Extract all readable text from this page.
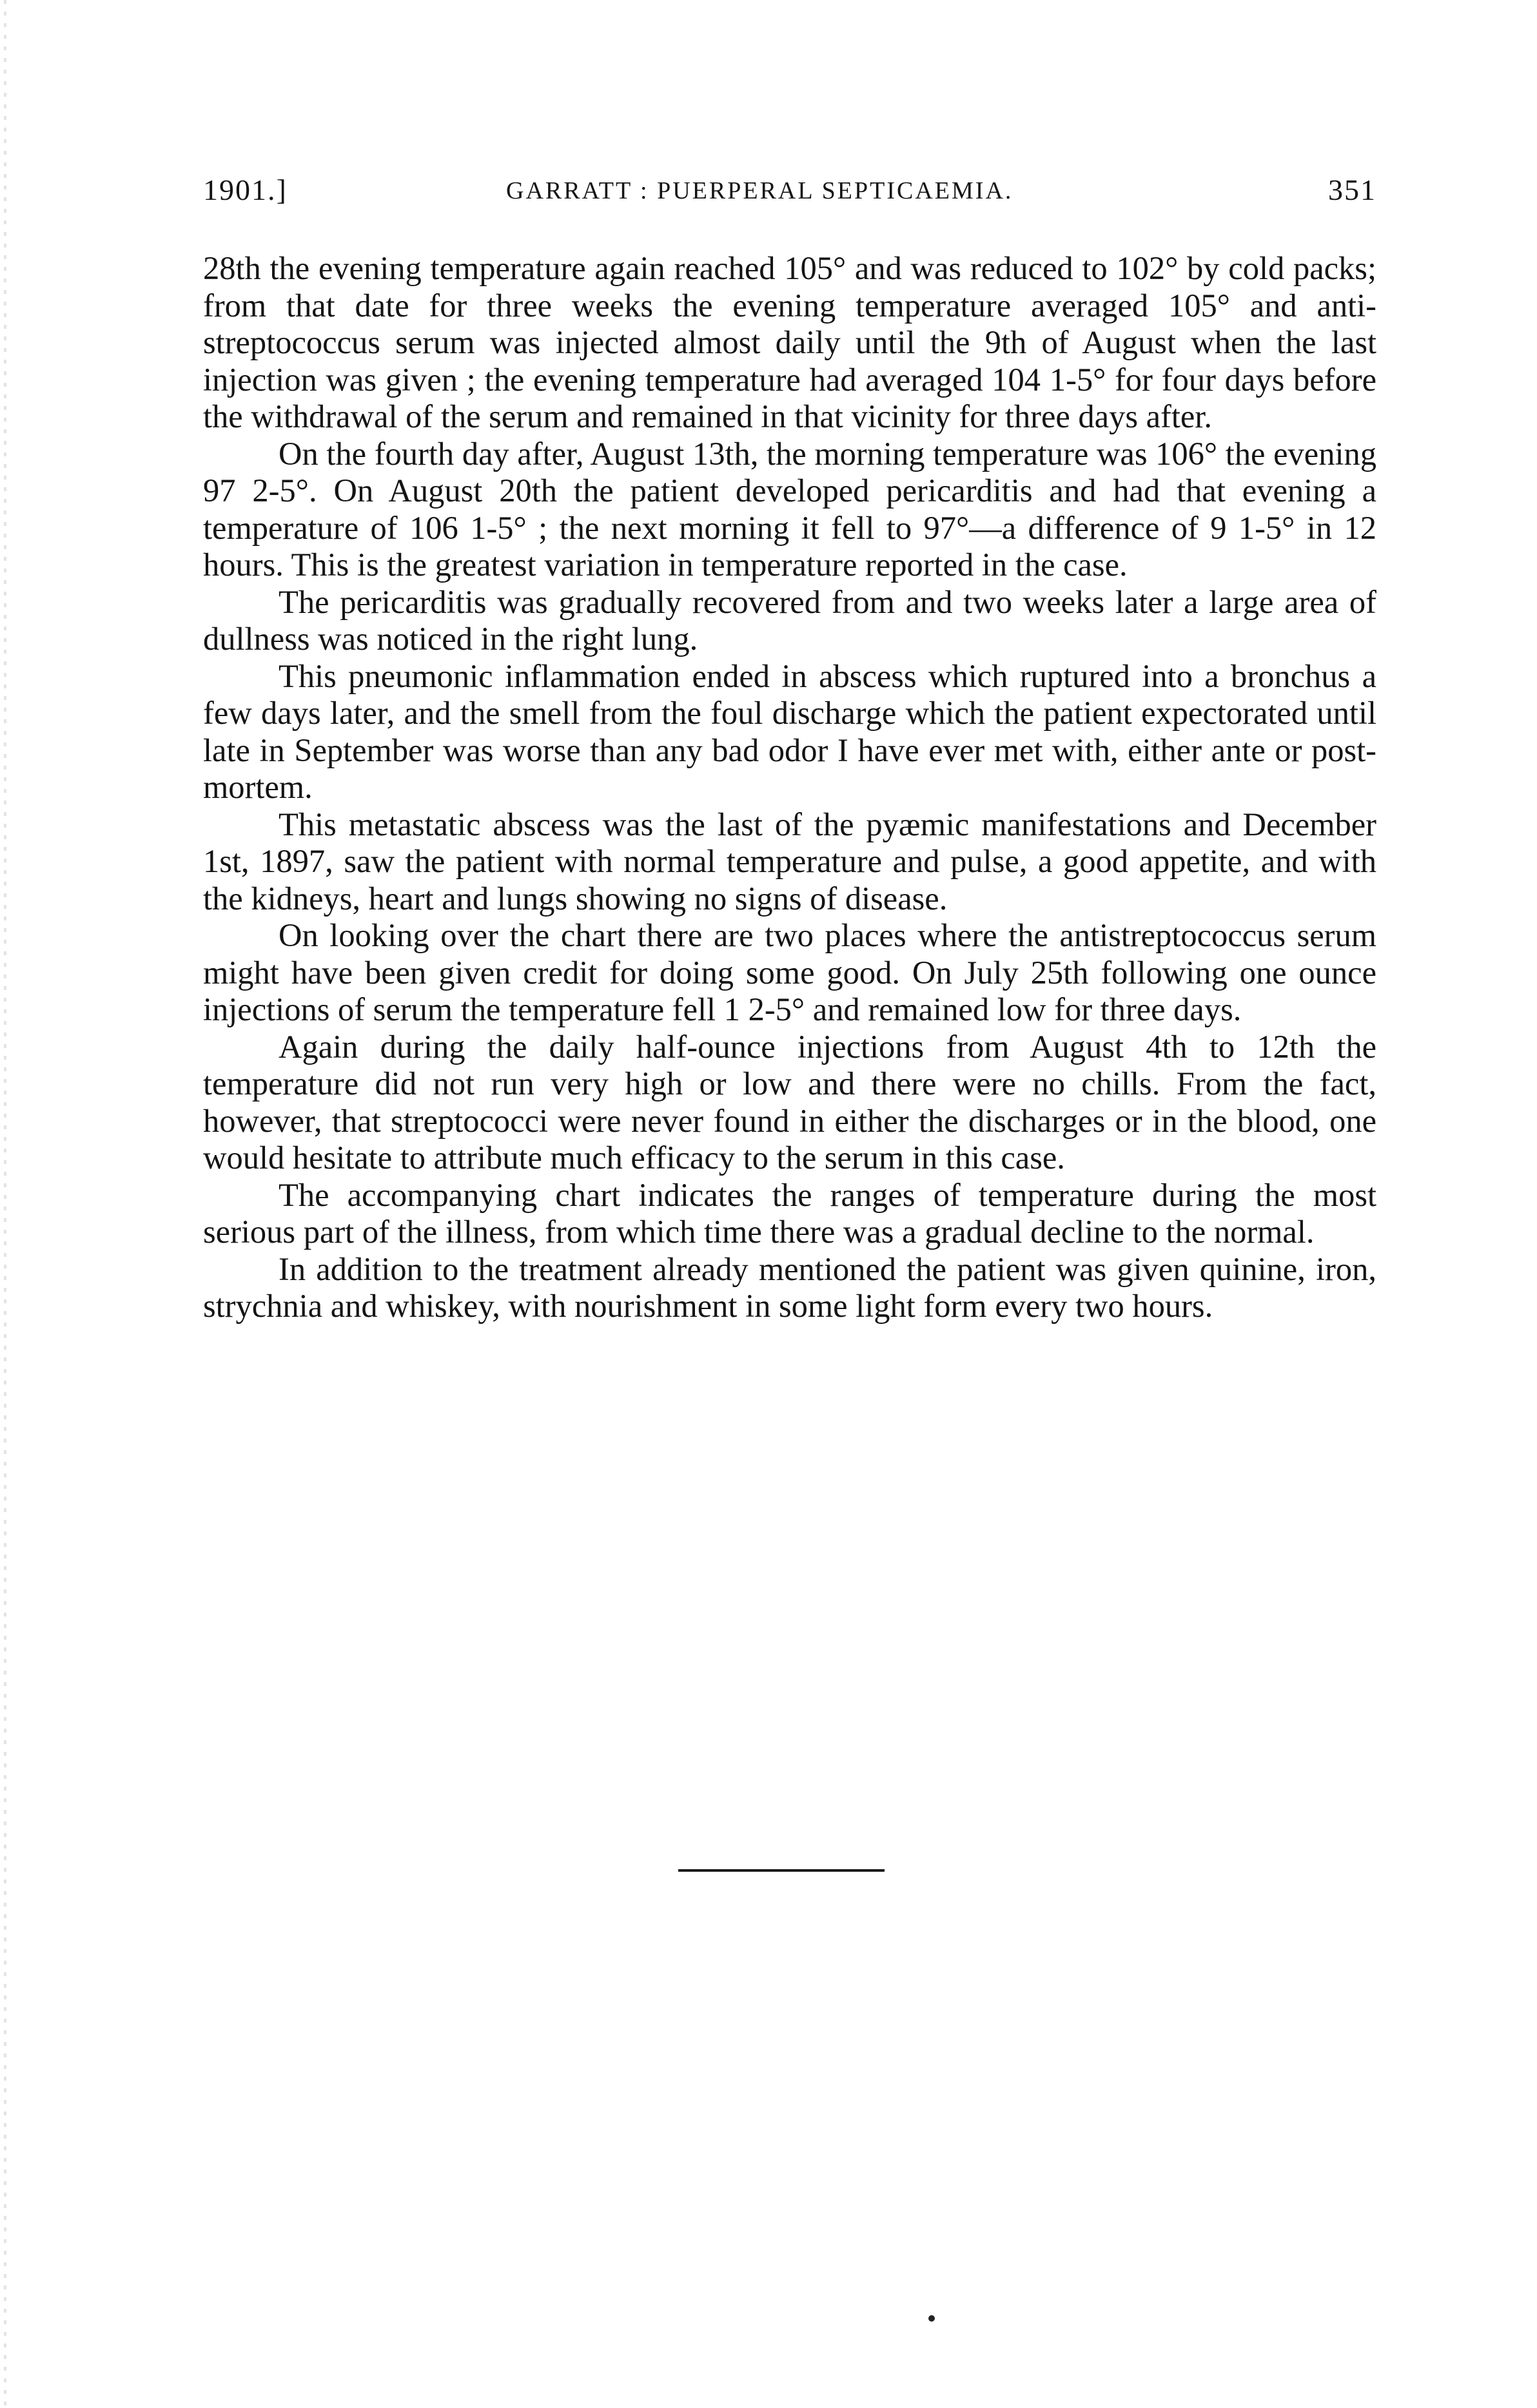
1901.]	GARRATT : PUERPERAL SEPTICAEMIA.	351

28th the evening temperature again reached 105° and was reduced to 102° by cold packs; from that date for three weeks the evening temperature averaged 105° and anti-streptococcus serum was injected almost daily until the 9th of August when the last injection was given ; the evening temperature had averaged 104 1-5° for four days before the withdrawal of the serum and remained in that vicinity for three days after.

On the fourth day after, August 13th, the morning temperature was 106° the evening 97 2-5°. On August 20th the patient developed pericarditis and had that evening a temperature of 106 1-5° ; the next morning it fell to 97°—a difference of 9 1-5° in 12 hours. This is the greatest variation in temperature reported in the case.

The pericarditis was gradually recovered from and two weeks later a large area of dullness was noticed in the right lung.

This pneumonic inflammation ended in abscess which ruptured into a bronchus a few days later, and the smell from the foul discharge which the patient expectorated until late in September was worse than any bad odor I have ever met with, either ante or post-mortem.

This metastatic abscess was the last of the pyæmic manifestations and December 1st, 1897, saw the patient with normal temperature and pulse, a good appetite, and with the kidneys, heart and lungs showing no signs of disease.

On looking over the chart there are two places where the antistreptococcus serum might have been given credit for doing some good. On July 25th following one ounce injections of serum the temperature fell 1 2-5° and remained low for three days.

Again during the daily half-ounce injections from August 4th to 12th the temperature did not run very high or low and there were no chills. From the fact, however, that streptococci were never found in either the discharges or in the blood, one would hesitate to attribute much efficacy to the serum in this case.

The accompanying chart indicates the ranges of temperature during the most serious part of the illness, from which time there was a gradual decline to the normal.

In addition to the treatment already mentioned the patient was given quinine, iron, strychnia and whiskey, with nourishment in some light form every two hours.
